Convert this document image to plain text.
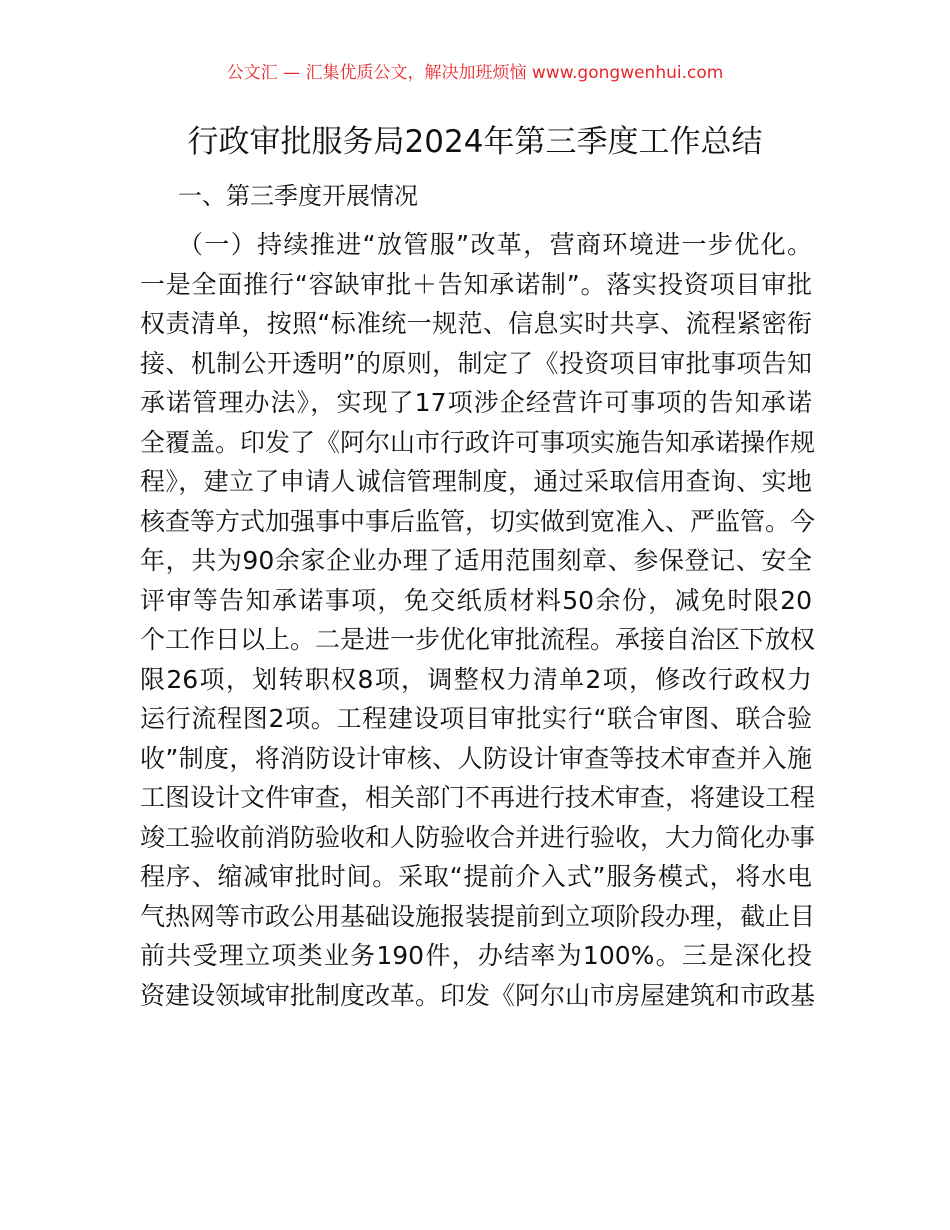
公文汇 — 汇集优质公文，解决加班烦恼 www.gongwenhui.com
行政审批服务局2024年第三季度工作总结
一、第三季度开展情况
（一）持续推进“放管服”改革，营商环境进一步优化。
一是全面推行“容缺审批＋告知承诺制”。落实投资项目审批
权责清单，按照“标准统一规范、信息实时共享、流程紧密衔
接、机制公开透明”的原则，制定了《投资项目审批事项告知
承诺管理办法》，实现了17项涉企经营许可事项的告知承诺
全覆盖。印发了《阿尔山市行政许可事项实施告知承诺操作规
程》，建立了申请人诚信管理制度，通过采取信用查询、实地
核查等方式加强事中事后监管，切实做到宽准入、严监管。今
年，共为90余家企业办理了适用范围刻章、参保登记、安全
评审等告知承诺事项，免交纸质材料50余份，减免时限20
个工作日以上。二是进一步优化审批流程。承接自治区下放权
限26项，划转职权8项，调整权力清单2项，修改行政权力
运行流程图2项。工程建设项目审批实行“联合审图、联合验
收”制度，将消防设计审核、人防设计审查等技术审查并入施
工图设计文件审查，相关部门不再进行技术审查，将建设工程
竣工验收前消防验收和人防验收合并进行验收，大力简化办事
程序、缩减审批时间。采取“提前介入式”服务模式，将水电
气热网等市政公用基础设施报装提前到立项阶段办理，截止目
前共受理立项类业务190件，办结率为100%。三是深化投
资建设领域审批制度改革。印发《阿尔山市房屋建筑和市政基
